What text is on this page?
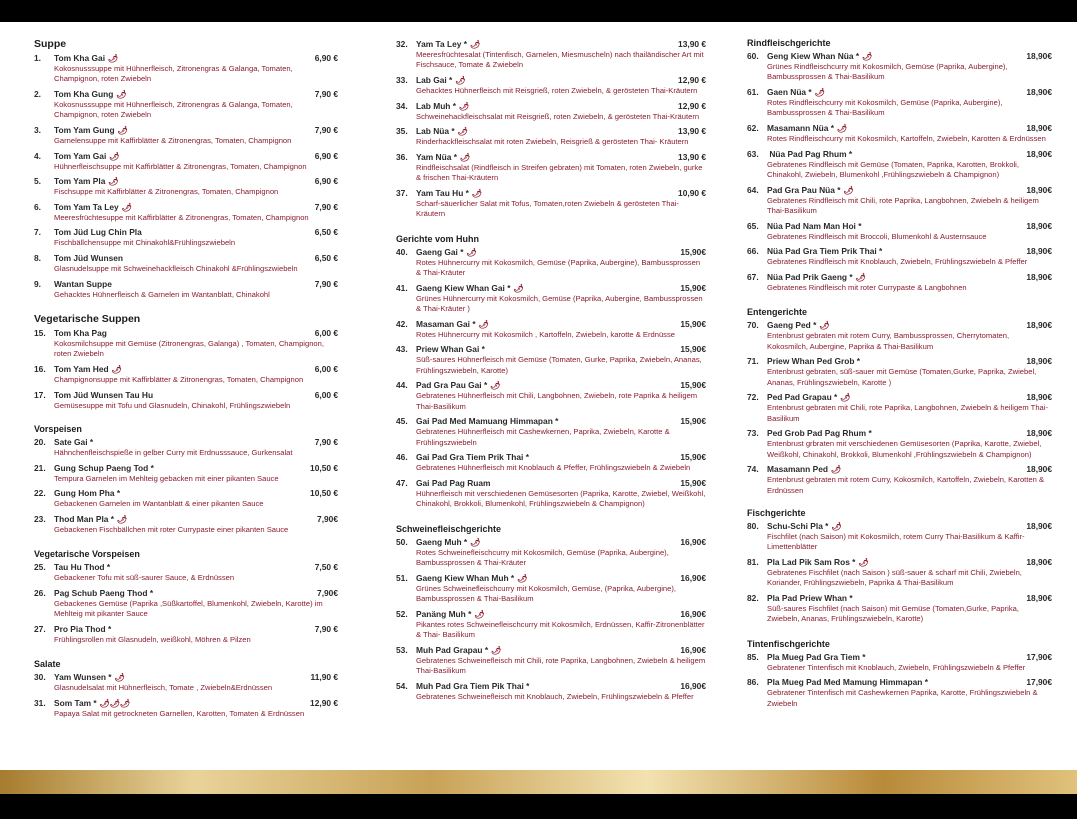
Suppe
1. Tom Kha Gai 🌶	6,90 €
Kokosnusssuppe mit Hühnerfleisch, Zitronengras & Galanga, Tomaten, Champignon, roten Zwiebeln
2. Tom Kha Gung 🌶	7,90 €
Kokosnusssuppe mit Hühnerfleisch, Zitronengras & Galanga, Tomaten, Champignon, roten Zwiebeln
3. Tom Yam Gung 🌶	7,90 €
Garnelensuppe mit Kaffirblätter & Zitronengras, Tomaten, Champignon
4. Tom Yam Gai 🌶	6,90 €
Hühnerfleischsuppe mit Kaffirblätter & Zitronengras, Tomaten, Champignon
5. Tom Yam Pla 🌶	6,90 €
Fischsuppe mit Kaffirblätter & Zitronengras, Tomaten, Champignon
6. Tom Yam Ta Ley 🌶	7,90 €
Meeresfrüchtesuppe mit Kaffirblätter & Zitronengras, Tomaten, Champignon
7. Tom Jüd Lug Chin Pla	6,50 €
Fischbällchensuppe mit Chinakohl&Frühlingszwiebeln
8. Tom Jüd Wunsen	6,50 €
Glasnudelsuppe mit Schweinehackfleisch Chinakohl &Frühlingszwiebeln
9. Wantan Suppe	7,90 €
Gehacktes Hühnerfleisch & Garnelen im Wantanblatt, Chinakohl
Vegetarische Suppen
15. Tom Kha Pag	6,00 €
Kokosmilchsuppe mit Gemüse (Zitronengras, Galanga) , Tomaten, Champignon, roten Zwiebeln
16. Tom Yam Hed 🌶	6,00 €
Champignonsuppe mit Kaffirblätter & Zitronengras, Tomaten, Champignon
17. Tom Jüd Wunsen Tau Hu	6,00 €
Gemüsesuppe mit Tofu und Glasnudeln, Chinakohl, Frühlingszwiebeln
Vorspeisen
20. Sate Gai *	7,90 €
Hähnchenfleischspieße in gelber Curry mit Erdnusssauce, Gurkensalat
21. Gung Schup Paeng Tod *	10,50 €
Tempura Garnelen im Mehlteig gebacken mit einer pikanten Sauce
22. Gung Hom Pha *	10,50 €
Gebackenen Garnelen im Wantanblatt & einer pikanten Sauce
23. Thod Man Pla * 🌶	7,90€
Gebackenen Fischbällchen mit roter Currypaste einer pikanten Sauce
Vegetarische Vorspeisen
25. Tau Hu Thod *	7,50 €
Gebackener Tofu mit süß-saurer Sauce, & Erdnüssen
26. Pag Schub Paeng Thod *	7,90€
Gebackenes Gemüse (Paprika ,Süßkartoffel, Blumenkohl, Zwiebeln, Karotte) im Mehlteig mit pikanter Sauce
27. Pro Pia Thod *	7,90 €
Frühlingsrollen mit Glasnudeln, weißkohl, Möhren & Pilzen
Salate
30. Yam Wunsen * 🌶	11,90 €
Glasnudelsalat mit Hühnerfleisch, Tomate , Zwiebeln&Erdnüssen
31. Som Tam * 🌶🌶🌶	12,90 €
Papaya Salat mit getrockneten Garnellen, Karotten, Tomaten & Erdnüssen
32. Yam Ta Ley * 🌶	13,90 €
Meeresfrüchtesalat (Tintenfisch, Garnelen, Miesmuscheln) nach thailändischer Art mit Fischsauce, Tomate & Zwiebeln
33. Lab Gai * 🌶	12,90 €
Gehacktes Hühnerfleisch mit Reisgrieß, roten Zwiebeln, & gerösteten Thai-Kräutern
34. Lab Muh * 🌶	12,90 €
Schweinehackfleischsalat mit Reisgrieß, roten Zwiebeln, & gerösteten Thai-Kräutern
35. Lab Nüa * 🌶	13,90 €
Rinderhackfleischsalat mit roten Zwiebeln, Reisgrieß & gerösteten Thai- Kräutern
36. Yam Nüa * 🌶	13,90 €
Rindfleischsalat (Rindfleisch in Streifen gebraten) mit Tomaten, roten Zwiebeln, gurke & frischen Thai-Kräutern
37. Yam Tau Hu * 🌶	10,90 €
Scharf-säuerlicher Salat mit Tofus, Tomaten,roten Zwiebeln & gerösteten Thai-Kräutern
Gerichte vom Huhn
40. Gaeng Gai * 🌶	15,90€
Rotes Hühnercurry mit Kokosmilch, Gemüse (Paprika, Aubergine), Bambussprossen & Thai-Kräuter
41. Gaeng Kiew Whan Gai * 🌶	15,90€
Grünes Hühnercurry mit Kokosmilch, Gemüse (Paprika, Aubergine, Bambussprossen & Thai-Kräuter )
42. Masaman Gai * 🌶	15,90€
Rotes Hühnercurry mit Kokosmilch , Kartoffeln, Zwiebeln, karotte & Erdnüsse
43. Priew Whan Gai *	15,90€
Süß-saures Hühnerfleisch mit Gemüse (Tomaten, Gurke, Paprika, Zwiebeln, Ananas, Frühlingszwiebeln, Karotte)
44. Pad Gra Pau Gai * 🌶	15,90€
Gebratenes Hühnerfleisch mit Chili, Langbohnen, Zwiebeln, rote Paprika & heiligem Thai-Basilikum
45. Gai Pad Med Mamuang Himmapan *	15,90€
Gebratenes Hühnerfleisch mit Cashewkernen, Paprika, Zwiebeln, Karotte & Frühlingszwiebeln
46. Gai Pad Gra Tiem Prik Thai *	15,90€
Gebratenes Hühnerfleisch mit Knoblauch & Pfeffer, Frühlingszwiebeln & Zwiebeln
47. Gai Pad Pag Ruam	15,90€
Hühnerfleisch mit verschiedenen Gemüsesorten (Paprika, Karotte, Zwiebel, Weißkohl, Chinakohl, Brokkoli, Blumenkohl, Frühlingszwiebeln & Champignon)
Schweinefleischgerichte
50. Gaeng Muh * 🌶	16,90€
Rotes Schweinefleischcurry mit Kokosmilch, Gemüse (Paprika, Aubergine), Bambussprossen & Thai-Kräuter
51. Gaeng Kiew Whan Muh * 🌶	16,90€
Grünes Schweinefleischcurry mit Kokosmilch, Gemüse, (Paprika, Aubergine), Bambussprossen & Thai-Basilikum
52. Panäng Muh * 🌶	16,90€
Pikantes rotes Schweinefleischcurry mit Kokosmilch, Erdnüssen, Kaffir-Zitronenblätter & Thai- Basilikum
53. Muh Pad Grapau * 🌶	16,90€
Gebratenes Schweinefleisch mit Chili, rote Paprika, Langbohnen, Zwiebeln & heiligem Thai-Basilikum
54. Muh Pad Gra Tiem Pik Thai *	16,90€
Gebratenes Schweinefleisch mit Knoblauch, Zwiebeln, Frühlingszwiebeln & Pfeffer
Rindfleischgerichte
60. Geng Kiew Whan Nüa * 🌶	18,90€
Grünes Rindfleischcurry mit Kokosmilch, Gemüse (Paprika, Aubergine), Bambussprossen & Thai-Basilikum
61. Gaen Nüa * 🌶	18,90€
Rotes Rindfleischcurry mit Kokosmilch, Gemüse (Paprika, Aubergine), Bambussprossen & Thai-Basilikum
62. Masamann Nüa * 🌶	18,90€
Rotes Rindfleischcurry mit Kokosmilch, Kartoffeln, Zwiebeln, Karotten & Erdnüssen
63. Nüa Pad Pag Rhum *	18,90€
Gebratenes Rindfleisch mit Gemüse (Tomaten, Paprika, Karotten, Brokkoli, Chinakohl, Zwiebeln, Blumenkohl ,Frühlingszwiebeln & Champignon)
64. Pad Gra Pau Nüa * 🌶	18,90€
Gebratenes Rindfleisch mit Chili, rote Paprika, Langbohnen, Zwiebeln & heiligem Thai-Basilikum
65. Nüa Pad Nam Man Hoi *	18,90€
Gebratenes Rindfleisch mit Broccoli, Blumenkohl & Austernsauce
66. Nüa Pad Gra Tiem Prik Thai *	18,90€
Gebratenes Rindfleisch mit Knoblauch, Zwiebeln, Frühlingszwiebeln & Pfeffer
67. Nüa Pad Prik Gaeng * 🌶	18,90€
Gebratenes Rindfleisch mit roter Currypaste & Langbohnen
Entengerichte
70. Gaeng Ped * 🌶	18,90€
Entenbrust gebraten mit rotem Curry, Bambussprossen, Cherrytomaten, Kokosmilch, Aubergine, Paprika & Thai-Basilikum
71. Priew Whan Ped Grob *	18,90€
Entenbrust gebraten, süß-sauer mit Gemüse (Tomaten,Gurke, Paprika, Zwiebel, Ananas, Frühlingszwiebeln, Karotte )
72. Ped Pad Grapau * 🌶	18,90€
Entenbrust gebraten mit Chili, rote Paprika, Langbohnen, Zwiebeln & heiligem Thai-Basilikum
73. Ped Grob Pad Pag Rhum *	18,90€
Entenbrust grbraten mit verschiedenen Gemüsesorten (Paprika, Karotte, Zwiebel, Weißkohl, Chinakohl, Brokkoli, Blumenkohl ,Frühlingszwiebeln & Champignon)
74. Masamann Ped 🌶	18,90€
Entenbrust gebraten mit rotem Curry, Kokosmilch, Kartoffeln, Zwiebeln, Karotten & Erdnüssen
Fischgerichte
80. Schu-Schi Pla * 🌶	18,90€
Fischfilet (nach Saison) mit Kokosmilch, rotem Curry Thai-Basilikum & Kaffir-Limettenblätter
81. Pla Lad Pik Sam Ros * 🌶	18,90€
Gebratenes Fischfilet (nach Saison ) süß-sauer & scharf mit Chili, Zwiebeln, Koriander, Frühlingszwiebeln, Paprika & Thai-Basilikum
82. Pla Pad Priew Whan *	18,90€
Süß-saures Fischfilet (nach Saison) mit Gemüse (Tomaten,Gurke, Paprika, Zwiebeln, Ananas, Frühlingszwiebeln, Karotte)
Tintenfischgerichte
85. Pla Mueg Pad Gra Tiem *	17,90€
Gebratener Tintenfisch mit Knoblauch, Zwiebeln, Frühlingszwiebeln & Pfeffer
86. Pla Mueg Pad Med Mamung Himmapan *	17,90€
Gebratener Tintenfisch mit Cashewkernen Paprika, Karotte, Frühlingszwiebeln & Zwiebeln
